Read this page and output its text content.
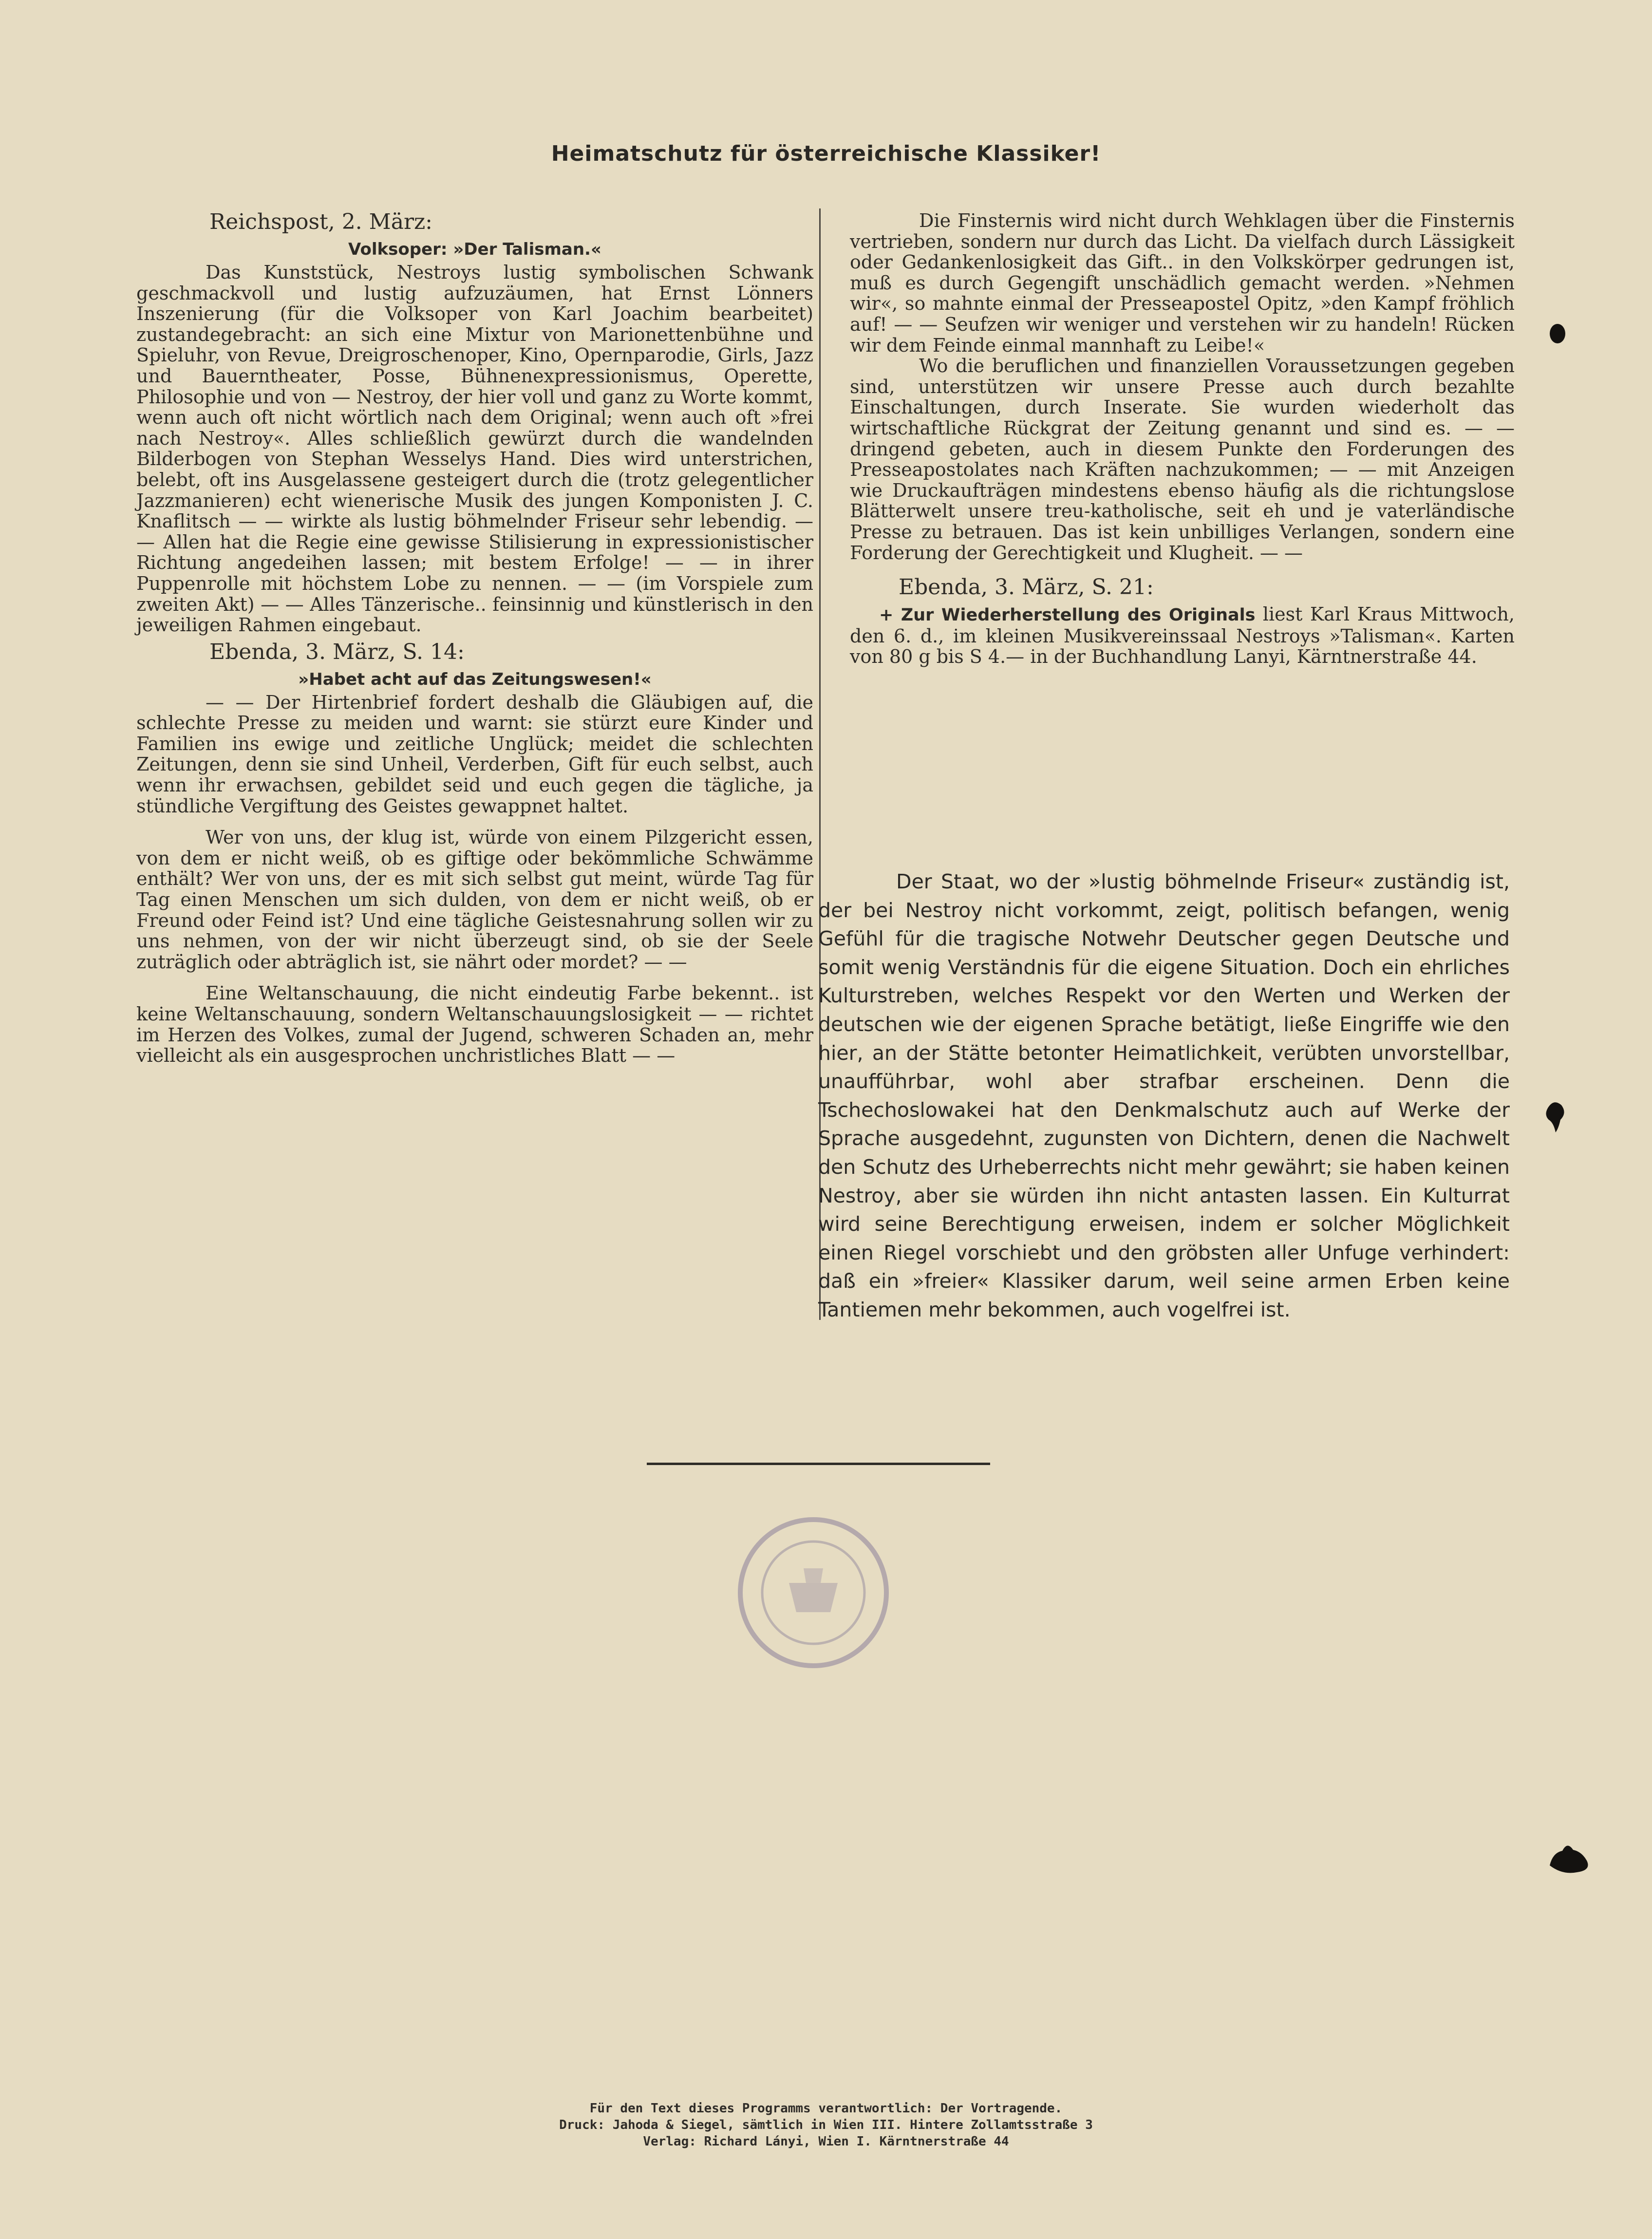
Heimatschutz für österreichische Klassiker!
Reichspost, 2. März:
Volksoper: »Der Talisman.«

Das Kunststück, Nestroys lustig symbolischen Schwank geschmackvoll und lustig aufzuzäumen, hat Ernst Lönners Inszenierung (für die Volksoper von Karl Joachim bearbeitet) zustandegebracht: an sich eine Mixtur von Marionettenbühne und Spieluhr, von Revue, Dreigroschenoper, Kino, Opernparodie, Girls, Jazz und Bauerntheater, Posse, Bühnenexpressionismus, Operette, Philosophie und von — Nestroy, der hier voll und ganz zu Worte kommt, wenn auch oft nicht wörtlich nach dem Original; wenn auch oft »frei nach Nestroy«. Alles schließlich gewürzt durch die wandelnden Bilderbogen von Stephan Wesselys Hand. Dies wird unterstrichen, belebt, oft ins Ausgelassene gesteigert durch die (trotz gelegentlicher Jazzmanieren) echt wienerische Musik des jungen Komponisten J. C. Knaflitsch — — wirkte als lustig böhmelnder Friseur sehr lebendig. — — Allen hat die Regie eine gewisse Stilisierung in expressionistischer Richtung angedeihen lassen; mit bestem Erfolge! — — in ihrer Puppenrolle mit höchstem Lobe zu nennen. — — (im Vorspiele zum zweiten Akt) — — Alles Tänzerische.. feinsinnig und künstlerisch in den jeweiligen Rahmen eingebaut.

Ebenda, 3. März, S. 14:
»Habet acht auf das Zeitungswesen!«

— — Der Hirtenbrief fordert deshalb die Gläubigen auf, die schlechte Presse zu meiden und warnt: sie stürzt eure Kinder und Familien ins ewige und zeitliche Unglück; meidet die schlechten Zeitungen, denn sie sind Unheil, Verderben, Gift für euch selbst, auch wenn ihr erwachsen, gebildet seid und euch gegen die tägliche, ja stündliche Vergiftung des Geistes gewappnet haltet.

Wer von uns, der klug ist, würde von einem Pilzgericht essen, von dem er nicht weiß, ob es giftige oder bekömmliche Schwämme enthält? Wer von uns, der es mit sich selbst gut meint, würde Tag für Tag einen Menschen um sich dulden, von dem er nicht weiß, ob er Freund oder Feind ist? Und eine tägliche Geistesnahrung sollen wir zu uns nehmen, von der wir nicht überzeugt sind, ob sie der Seele zuträglich oder abträglich ist, sie nährt oder mordet? — —

Eine Weltanschauung, die nicht eindeutig Farbe bekennt.. ist keine Weltanschauung, sondern Weltanschauungslosigkeit — — richtet im Herzen des Volkes, zumal der Jugend, schweren Schaden an, mehr vielleicht als ein ausgesprochen unchristliches Blatt — —

Die Finsternis wird nicht durch Wehklagen über die Finsternis vertrieben, sondern nur durch das Licht. Da vielfach durch Lässigkeit oder Gedankenlosigkeit das Gift.. in den Volkskörper gedrungen ist, muß es durch Gegengift unschädlich gemacht werden. »Nehmen wir«, so mahnte einmal der Presseapostel Opitz, »den Kampf fröhlich auf! — — Seufzen wir weniger und verstehen wir zu handeln! Rücken wir dem Feinde einmal mannhaft zu Leibe!«

Wo die beruflichen und finanziellen Voraussetzungen gegeben sind, unterstützen wir unsere Presse auch durch bezahlte Einschaltungen, durch Inserate. Sie wurden wiederholt das wirtschaftliche Rückgrat der Zeitung genannt und sind es. — — dringend gebeten, auch in diesem Punkte den Forderungen des Presseapostolates nach Kräften nachzukommen; — — mit Anzeigen wie Druckaufträgen mindestens ebenso häufig als die richtungslose Blätterwelt unsere treu-katholische, seit eh und je vaterländische Presse zu betrauen. Das ist kein unbilliges Verlangen, sondern eine Forderung der Gerechtigkeit und Klugheit. — —

Ebenda, 3. März, S. 21:

+ Zur Wiederherstellung des Originals liest Karl Kraus Mittwoch, den 6. d., im kleinen Musikvereinssaal Nestroys »Talisman«. Karten von 80 g bis S 4.— in der Buchhandlung Lanyi, Kärntnerstraße 44.

Der Staat, wo der »lustig böhmelnde Friseur« zuständig ist, der bei Nestroy nicht vorkommt, zeigt, politisch befangen, wenig Gefühl für die tragische Notwehr Deutscher gegen Deutsche und somit wenig Verständnis für die eigene Situation. Doch ein ehrliches Kulturstreben, welches Respekt vor den Werten und Werken der deutschen wie der eigenen Sprache betätigt, ließe Eingriffe wie den hier, an der Stätte betonter Heimatlichkeit, verübten unvorstellbar, unaufführbar, wohl aber strafbar erscheinen. Denn die Tschechoslowakei hat den Denkmalschutz auch auf Werke der Sprache ausgedehnt, zugunsten von Dichtern, denen die Nachwelt den Schutz des Urheberrechts nicht mehr gewährt; sie haben keinen Nestroy, aber sie würden ihn nicht antasten lassen. Ein Kulturrat wird seine Berechtigung erweisen, indem er solcher Möglichkeit einen Riegel vorschiebt und den gröbsten aller Unfuge verhindert: daß ein »freier« Klassiker darum, weil seine armen Erben keine Tantiemen mehr bekommen, auch vogelfrei ist.

Für den Text dieses Programms verantwortlich: Der Vortragende.
Druck: Jahoda & Siegel, sämtlich in Wien III. Hintere Zollamtsstraße 3
Verlag: Richard Lányi, Wien I. Kärntnerstraße 44
